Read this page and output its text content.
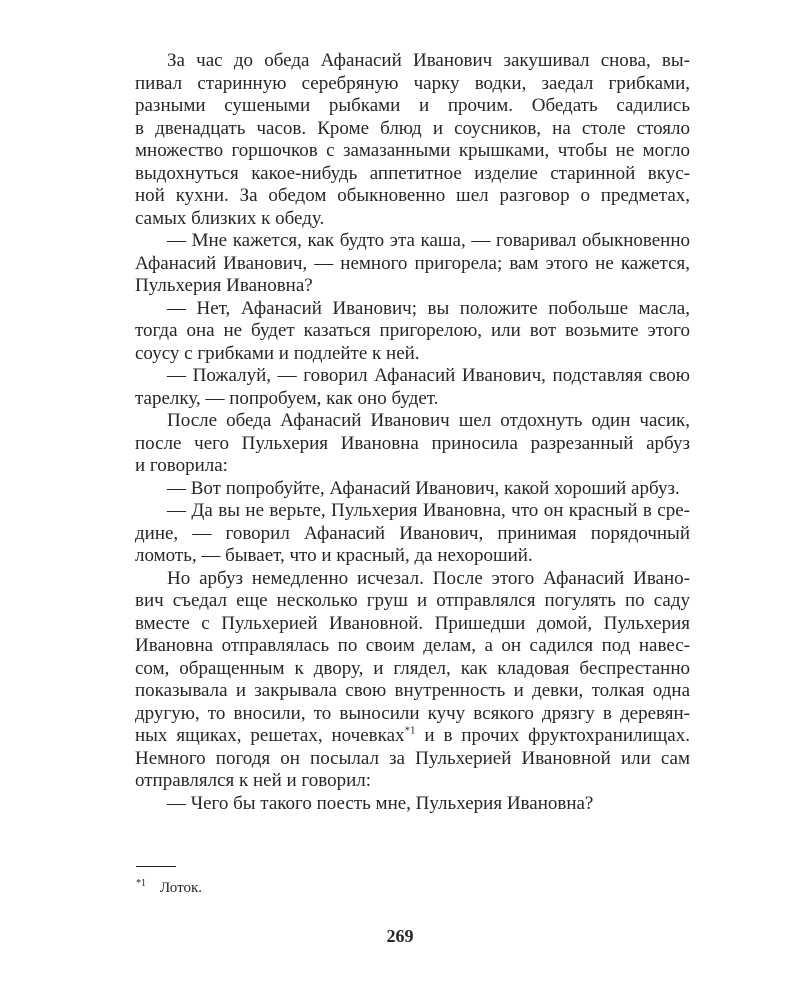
За час до обеда Афанасий Иванович закушивал снова, вы-
пивал старинную серебряную чарку водки, заедал грибками,
разными сушеными рыбками и прочим. Обедать садились
в двенадцать часов. Кроме блюд и соусников, на столе стояло
множество горшочков с замазанными крышками, чтобы не могло
выдохнуться какое-нибудь аппетитное изделие старинной вкус-
ной кухни. За обедом обыкновенно шел разговор о предметах,
самых близких к обеду.
— Мне кажется, как будто эта каша, — говаривал обыкновенно
Афанасий Иванович, — немного пригорела; вам этого не кажется,
Пульхерия Ивановна?
— Нет, Афанасий Иванович; вы положите побольше масла,
тогда она не будет казаться пригорелою, или вот возьмите этого
соусу с грибками и подлейте к ней.
— Пожалуй, — говорил Афанасий Иванович, подставляя свою
тарелку, — попробуем, как оно будет.
После обеда Афанасий Иванович шел отдохнуть один часик,
после чего Пульхерия Ивановна приносила разрезанный арбуз
и говорила:
— Вот попробуйте, Афанасий Иванович, какой хороший арбуз.
— Да вы не верьте, Пульхерия Ивановна, что он красный в сре-
дине, — говорил Афанасий Иванович, принимая порядочный
ломоть, — бывает, что и красный, да нехороший.
Но арбуз немедленно исчезал. После этого Афанасий Ивано-
вич съедал еще несколько груш и отправлялся погулять по саду
вместе с Пульхерией Ивановной. Пришедши домой, Пульхерия
Ивановна отправлялась по своим делам, а он садился под навес-
сом, обращенным к двору, и глядел, как кладовая беспрестанно
показывала и закрывала свою внутренность и девки, толкая одна
другую, то вносили, то выносили кучу всякого дрязгу в деревян-
ных ящиках, решетах, ночевках$^{*1}$ и в прочих фруктохранилищах.
Немного погодя он посылал за Пульхерией Ивановной или сам
отправлялся к ней и говорил:
— Чего бы такого поесть мне, Пульхерия Ивановна?
$^{*1}$ Лоток.
269
